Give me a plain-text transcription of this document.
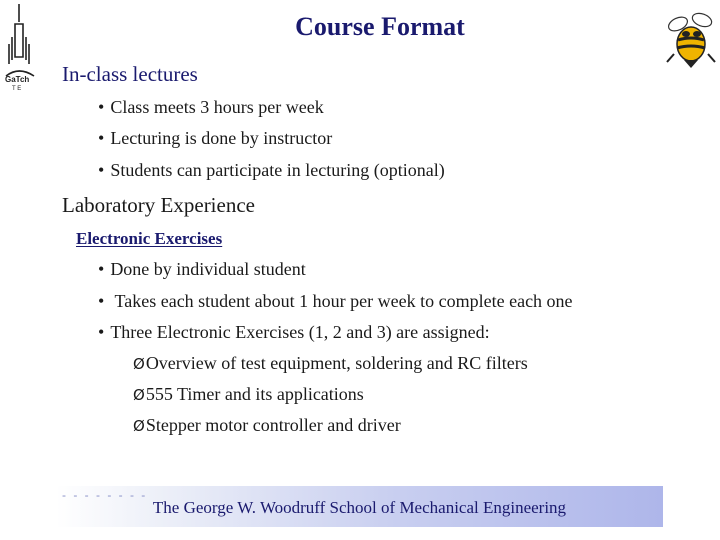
GaTch
T E
Course Format
In-class lectures
• Class meets 3 hours per week
• Lecturing is done by instructor
• Students can participate in lecturing (optional)
Laboratory Experience
Electronic Exercises
• Done by individual student
• Takes each student about 1 hour per week to complete each one
• Three Electronic Exercises (1, 2 and 3) are assigned:
ØOverview of test equipment, soldering and RC filters
Ø555 Timer and its applications
ØStepper motor controller and driver
- - - - - - - -
The George W. Woodruff School of Mechanical Engineering
